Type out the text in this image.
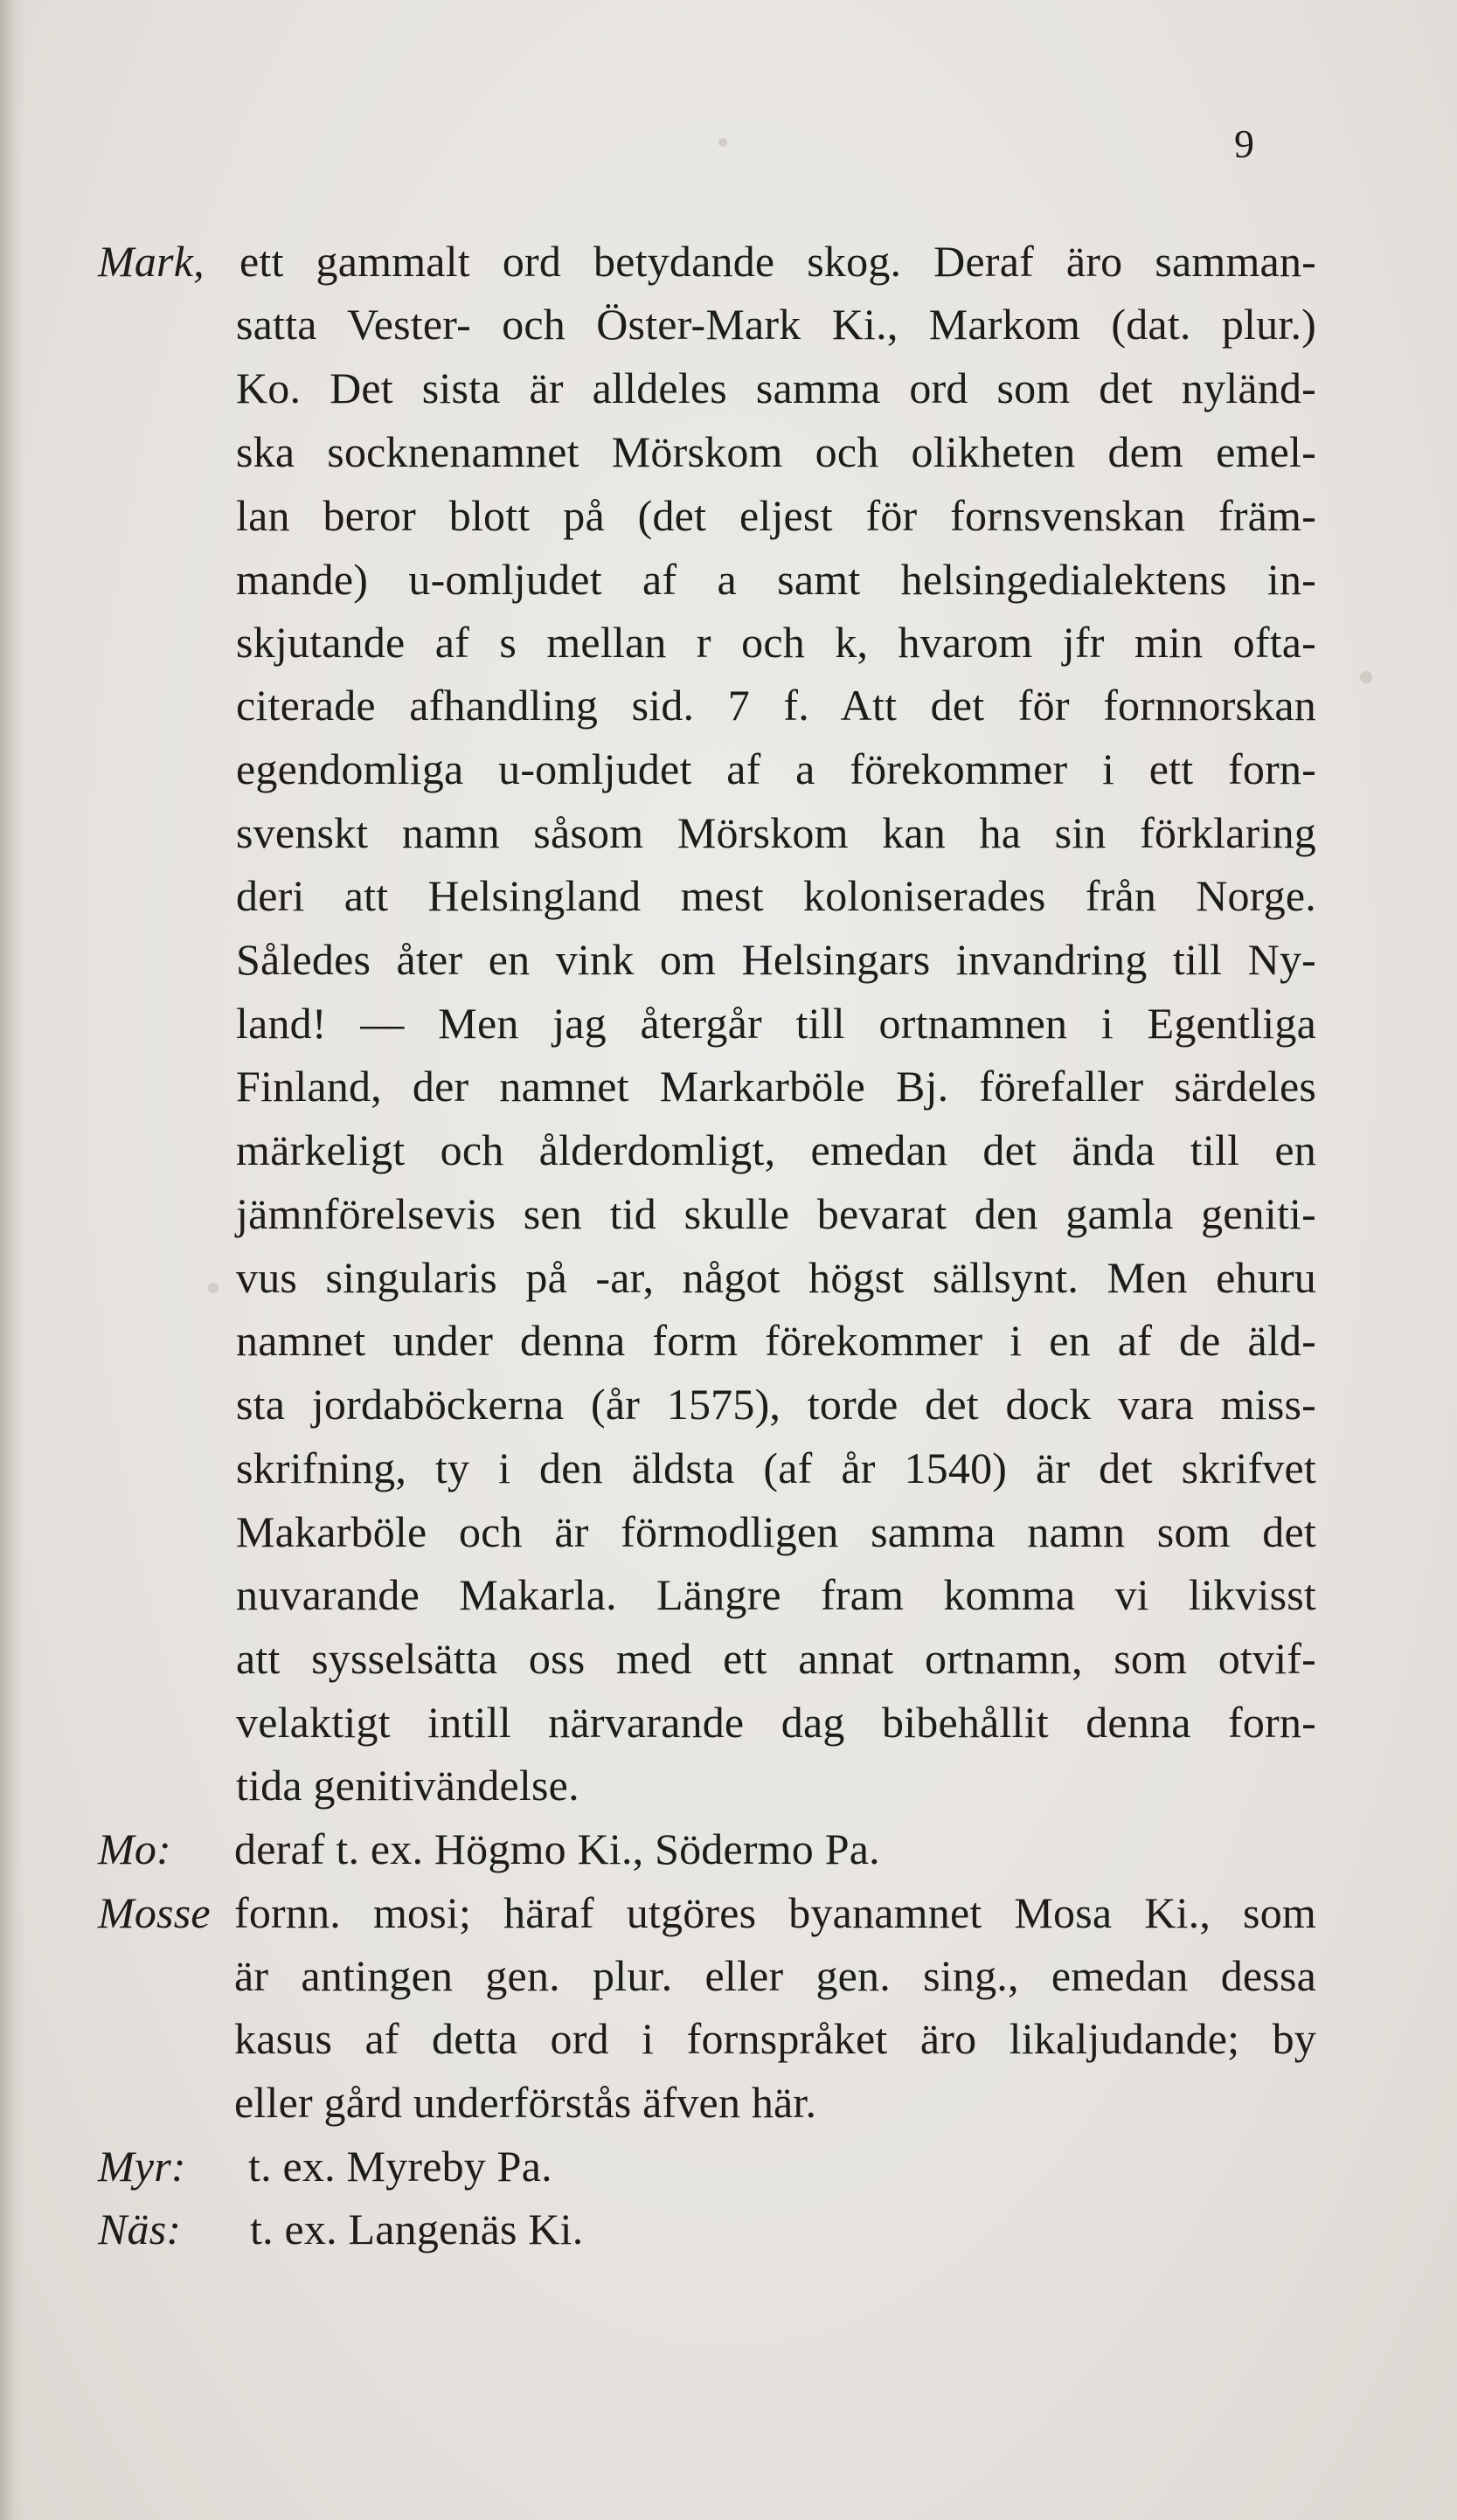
9
Mark, ett gammalt ord betydande skog. Deraf äro samman-
satta Vester- och Öster-Mark Ki., Markom (dat. plur.)
Ko. Det sista är alldeles samma ord som det nyländ-
ska socknenamnet Mörskom och olikheten dem emel-
lan beror blott på (det eljest för fornsvenskan främ-
mande) u-omljudet af a samt helsingedialektens in-
skjutande af s mellan r och k, hvarom jfr min ofta-
citerade afhandling sid. 7 f. Att det för fornnorskan
egendomliga u-omljudet af a förekommer i ett forn-
svenskt namn såsom Mörskom kan ha sin förklaring
deri att Helsingland mest koloniserades från Norge.
Således åter en vink om Helsingars invandring till Ny-
land! — Men jag återgår till ortnamnen i Egentliga
Finland, der namnet Markarböle Bj. förefaller särdeles
märkeligt och ålderdomligt, emedan det ända till en
jämnförelsevis sen tid skulle bevarat den gamla geniti-
vus singularis på -ar, något högst sällsynt. Men ehuru
namnet under denna form förekommer i en af de äld-
sta jordaböckerna (år 1575), torde det dock vara miss-
skrifning, ty i den äldsta (af år 1540) är det skrifvet
Makarböle och är förmodligen samma namn som det
nuvarande Makarla. Längre fram komma vi likvisst
att sysselsätta oss med ett annat ortnamn, som otvif-
velaktigt intill närvarande dag bibehållit denna forn-
tida genitivändelse.
Mo: deraf t. ex. Högmo Ki., Södermo Pa.
Mosse fornn. mosi; häraf utgöres byanamnet Mosa Ki., som
är antingen gen. plur. eller gen. sing., emedan dessa
kasus af detta ord i fornspråket äro likaljudande; by
eller gård underförstås äfven här.
Myr: t. ex. Myreby Pa.
Näs: t. ex. Langenäs Ki.
